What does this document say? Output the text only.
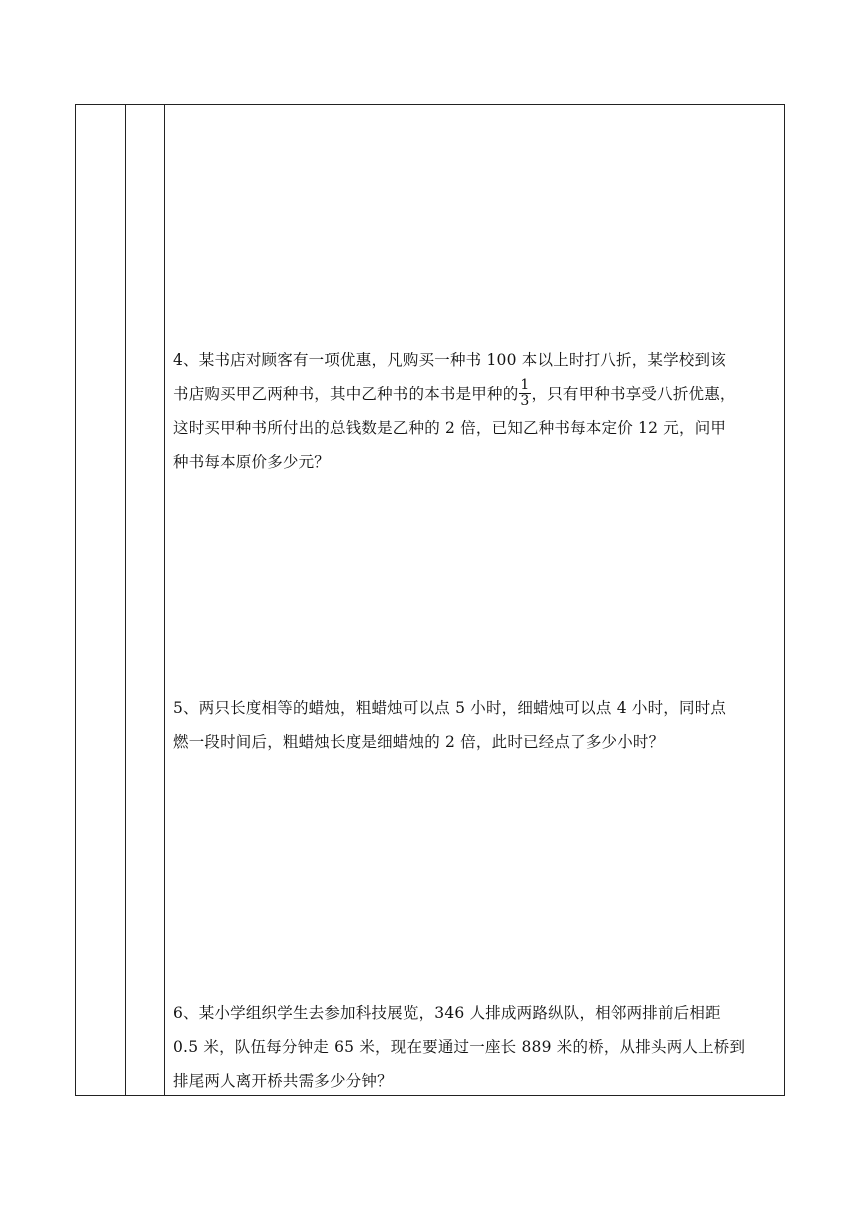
4、某书店对顾客有一项优惠，凡购买一种书 100 本以上时打八折，某学校到该

书店购买甲乙两种书，其中乙种书的本书是甲种的 $\frac{1}{3}$ ，只有甲种书享受八折优惠，

这时买甲种书所付出的总钱数是乙种的 2 倍，已知乙种书每本定价 12 元，问甲

种书每本原价多少元？

5、两只长度相等的蜡烛，粗蜡烛可以点 5 小时，细蜡烛可以点 4 小时，同时点

燃一段时间后，粗蜡烛长度是细蜡烛的 2 倍，此时已经点了多少小时？

6、某小学组织学生去参加科技展览，346 人排成两路纵队，相邻两排前后相距

0.5 米，队伍每分钟走 65 米，现在要通过一座长 889 米的桥，从排头两人上桥到

排尾两人离开桥共需多少分钟？
